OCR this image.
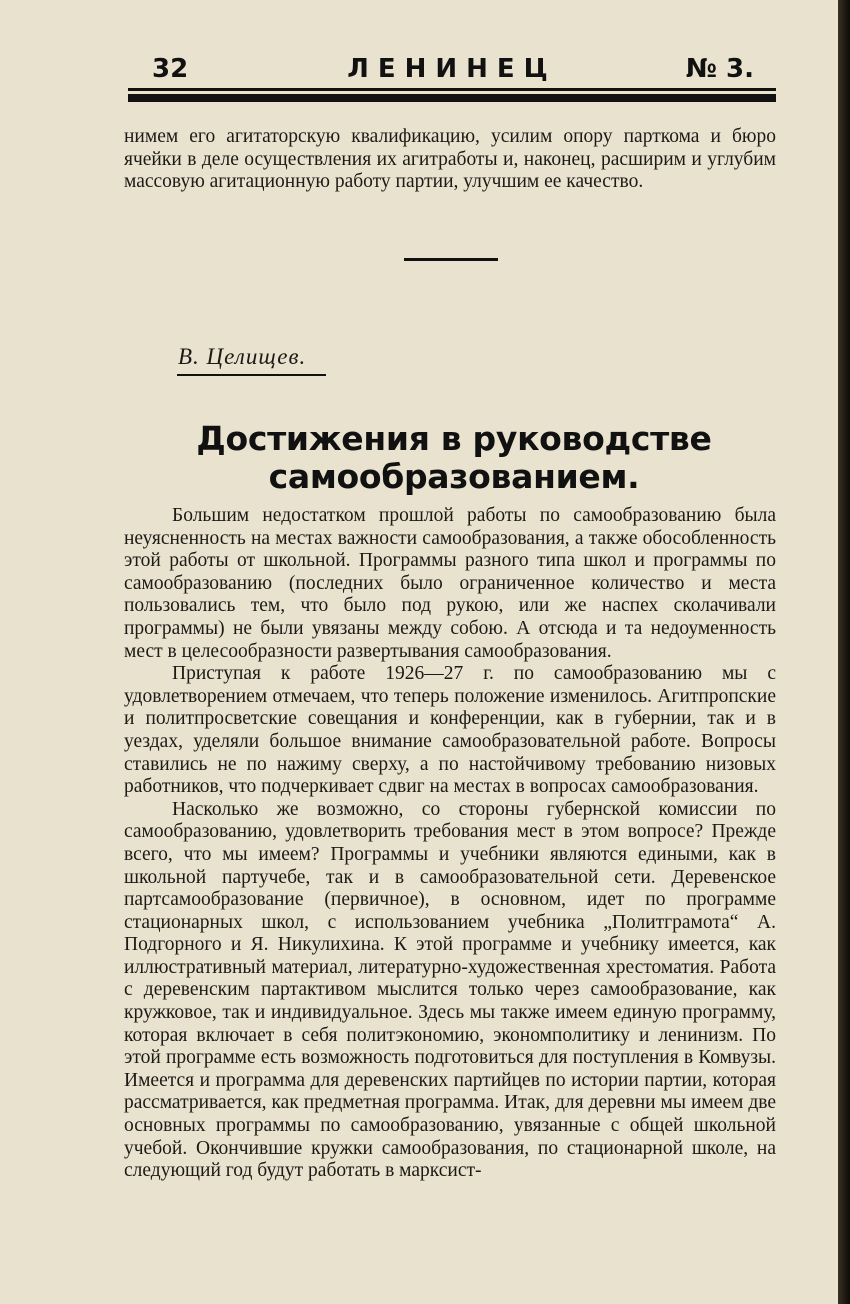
32	ЛЕНИНЕЦ	№ 3.
нимем его агитаторскую квалификацию, усилим опору парткома и бюро ячейки в деле осуществления их агитработы и, наконец, расширим и углубим массовую агитационную работу партии, улучшим ее качество.
В. Целищев.
Достижения в руководстве самообразованием.

Большим недостатком прошлой работы по самообразованию была неуясненность на местах важности самообразования, а также обособленность этой работы от школьной. Программы разного типа школ и программы по самообразованию (последних было ограниченное количество и места пользовались тем, что было под рукою, или же наспех сколачивали программы) не были увязаны между собою. А отсюда и та недоуменность мест в целесообразности развертывания самообразования.

Приступая к работе 1926—27 г. по самообразованию мы с удовлетворением отмечаем, что теперь положение изменилось. Агитпропские и политпросветские совещания и конференции, как в губернии, так и в уездах, уделяли большое внимание самообразовательной работе. Вопросы ставились не по нажиму сверху, а по настойчивому требованию низовых работников, что подчеркивает сдвиг на местах в вопросах самообразования.

Насколько же возможно, со стороны губернской комиссии по самообразованию, удовлетворить требования мест в этом вопросе? Прежде всего, что мы имеем? Программы и учебники являются едиными, как в школьной партучебе, так и в самообразовательной сети. Деревенское партсамообразование (первичное), в основном, идет по программе стационарных школ, с использованием учебника „Политграмота“ А. Подгорного и Я. Никулихина. К этой программе и учебнику имеется, как иллюстративный материал, литературно-художественная хрестоматия. Работа с деревенским партактивом мыслится только через самообразование, как кружковое, так и индивидуальное. Здесь мы также имеем единую программу, которая включает в себя политэкономию, экономполитику и ленинизм. По этой программе есть возможность подготовиться для поступления в Комвузы. Имеется и программа для деревенских партийцев по истории партии, которая рассматривается, как предметная программа. Итак, для деревни мы имеем две основных программы по самообразованию, увязанные с общей школьной учебой. Окончившие кружки самообразования, по стационарной школе, на следующий год будут работать в марксист-
